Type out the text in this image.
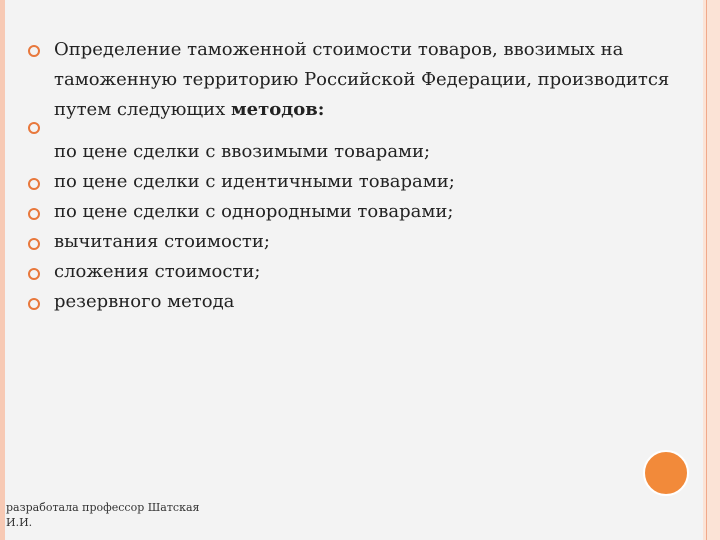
Определение таможенной стоимости товаров, ввозимых на таможенную территорию Российской Федерации, производится путем следующих методов:
по цене сделки с ввозимыми товарами;
по цене сделки с идентичными товарами;
по цене сделки с однородными товарами;
вычитания стоимости;
сложения стоимости;
резервного метода
разработала профессор Шатская И.И.
